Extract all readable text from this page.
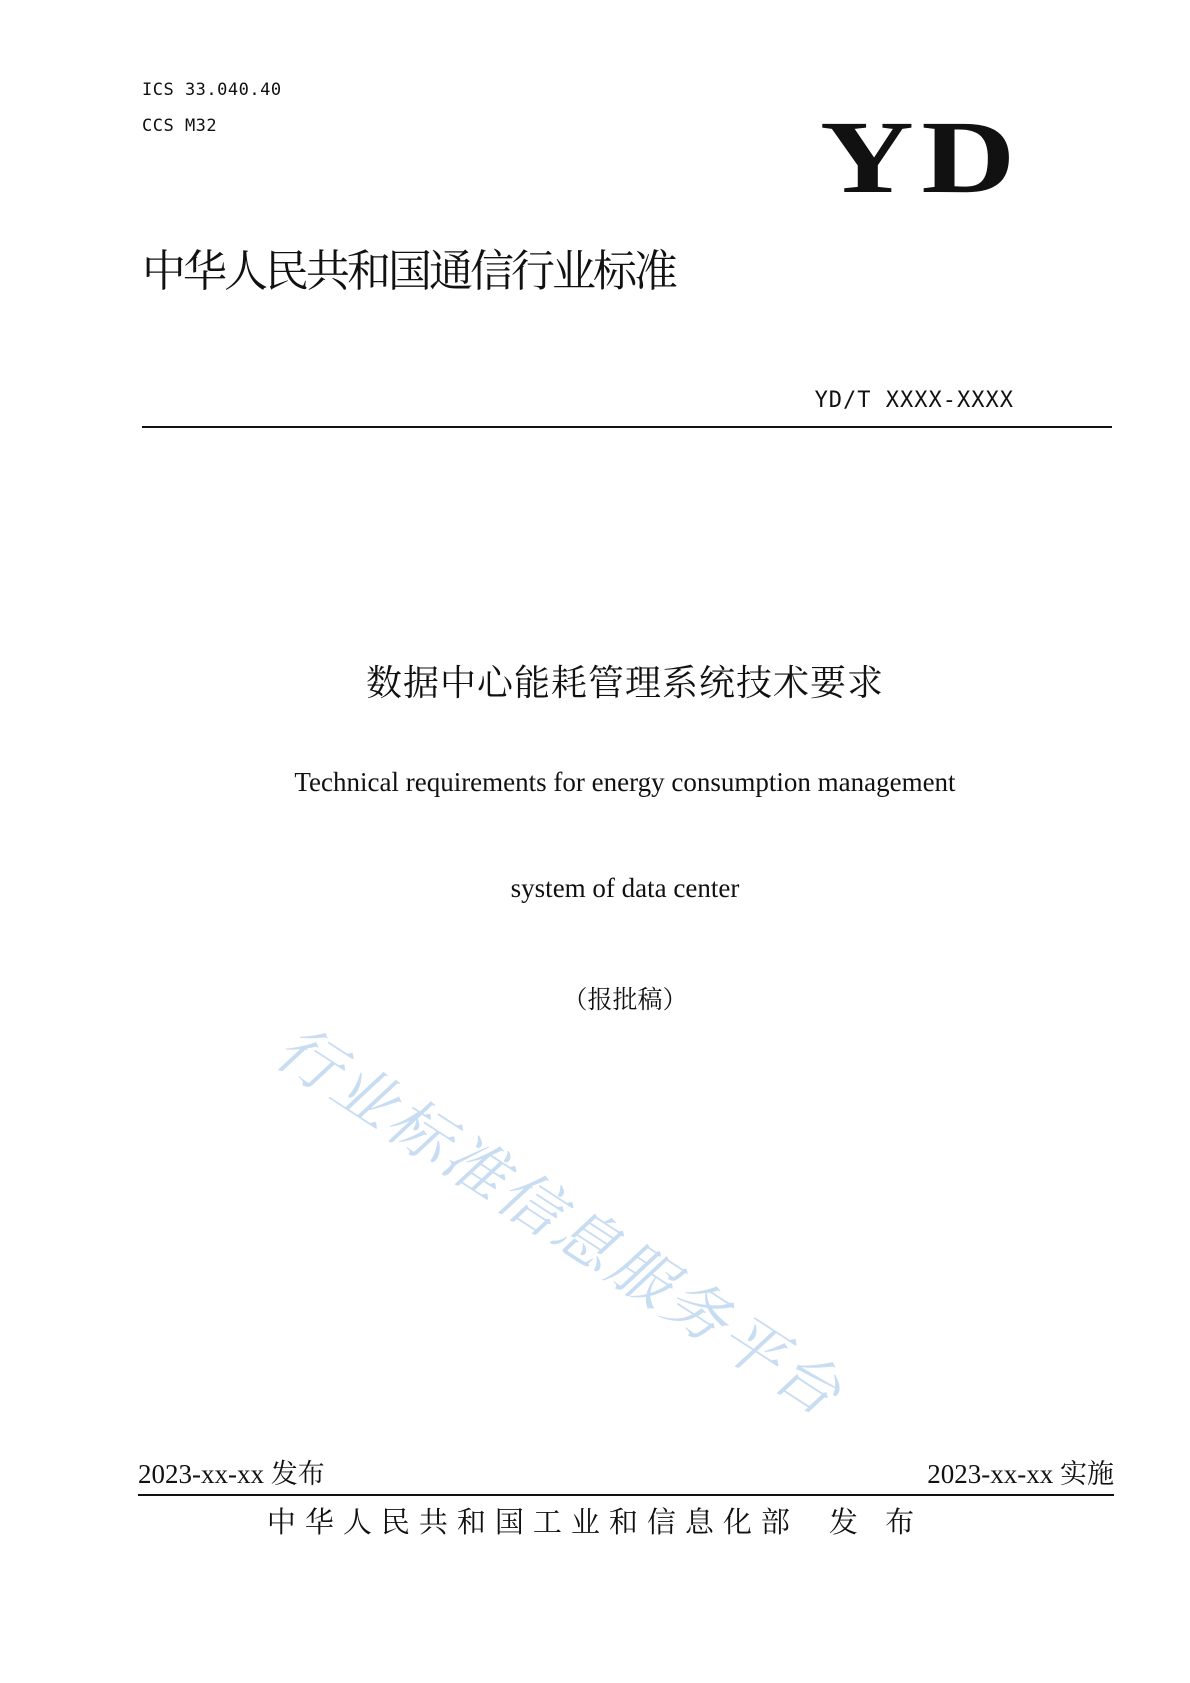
ICS 33.040.40
CCS M32	YD
中华人民共和国通信行业标准
YD/T XXXX-XXXX
数据中心能耗管理系统技术要求
Technical requirements for energy consumption management
system of data center
（报批稿）
行业标准信息服务平台
2023-xx-xx 发布	2023-xx-xx 实施
中华人民共和国工业和信息化部 发 布
